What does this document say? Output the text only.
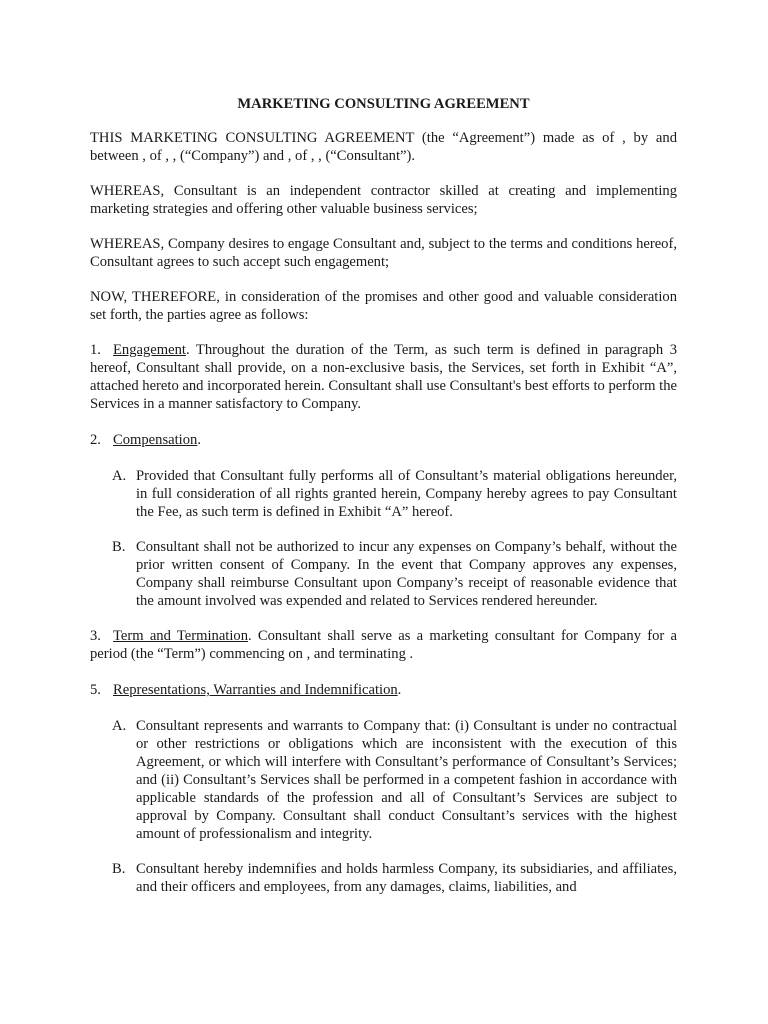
MARKETING CONSULTING AGREEMENT

THIS MARKETING CONSULTING AGREEMENT (the “Agreement”) made as of , by and between , of , , (“Company”) and , of , , (“Consultant”).

WHEREAS, Consultant is an independent contractor skilled at creating and implementing marketing strategies and offering other valuable business services;

WHEREAS, Company desires to engage Consultant and, subject to the terms and conditions hereof, Consultant agrees to such accept such engagement;

NOW, THEREFORE, in consideration of the promises and other good and valuable consideration set forth, the parties agree as follows:

1. Engagement. Throughout the duration of the Term, as such term is defined in paragraph 3 hereof, Consultant shall provide, on a non-exclusive basis, the Services, set forth in Exhibit “A”, attached hereto and incorporated herein. Consultant shall use Consultant's best efforts to perform the Services in a manner satisfactory to Company.

2. Compensation.

A. Provided that Consultant fully performs all of Consultant’s material obligations hereunder, in full consideration of all rights granted herein, Company hereby agrees to pay Consultant the Fee, as such term is defined in Exhibit “A” hereof.

B. Consultant shall not be authorized to incur any expenses on Company’s behalf, without the prior written consent of Company. In the event that Company approves any expenses, Company shall reimburse Consultant upon Company’s receipt of reasonable evidence that the amount involved was expended and related to Services rendered hereunder.

3. Term and Termination. Consultant shall serve as a marketing consultant for Company for a period (the “Term”) commencing on , and terminating .

5. Representations, Warranties and Indemnification.

A. Consultant represents and warrants to Company that: (i) Consultant is under no contractual or other restrictions or obligations which are inconsistent with the execution of this Agreement, or which will interfere with Consultant’s performance of Consultant’s Services; and (ii) Consultant’s Services shall be performed in a competent fashion in accordance with applicable standards of the profession and all of Consultant’s Services are subject to approval by Company. Consultant shall conduct Consultant’s services with the highest amount of professionalism and integrity.

B. Consultant hereby indemnifies and holds harmless Company, its subsidiaries, and affiliates, and their officers and employees, from any damages, claims, liabilities, and
